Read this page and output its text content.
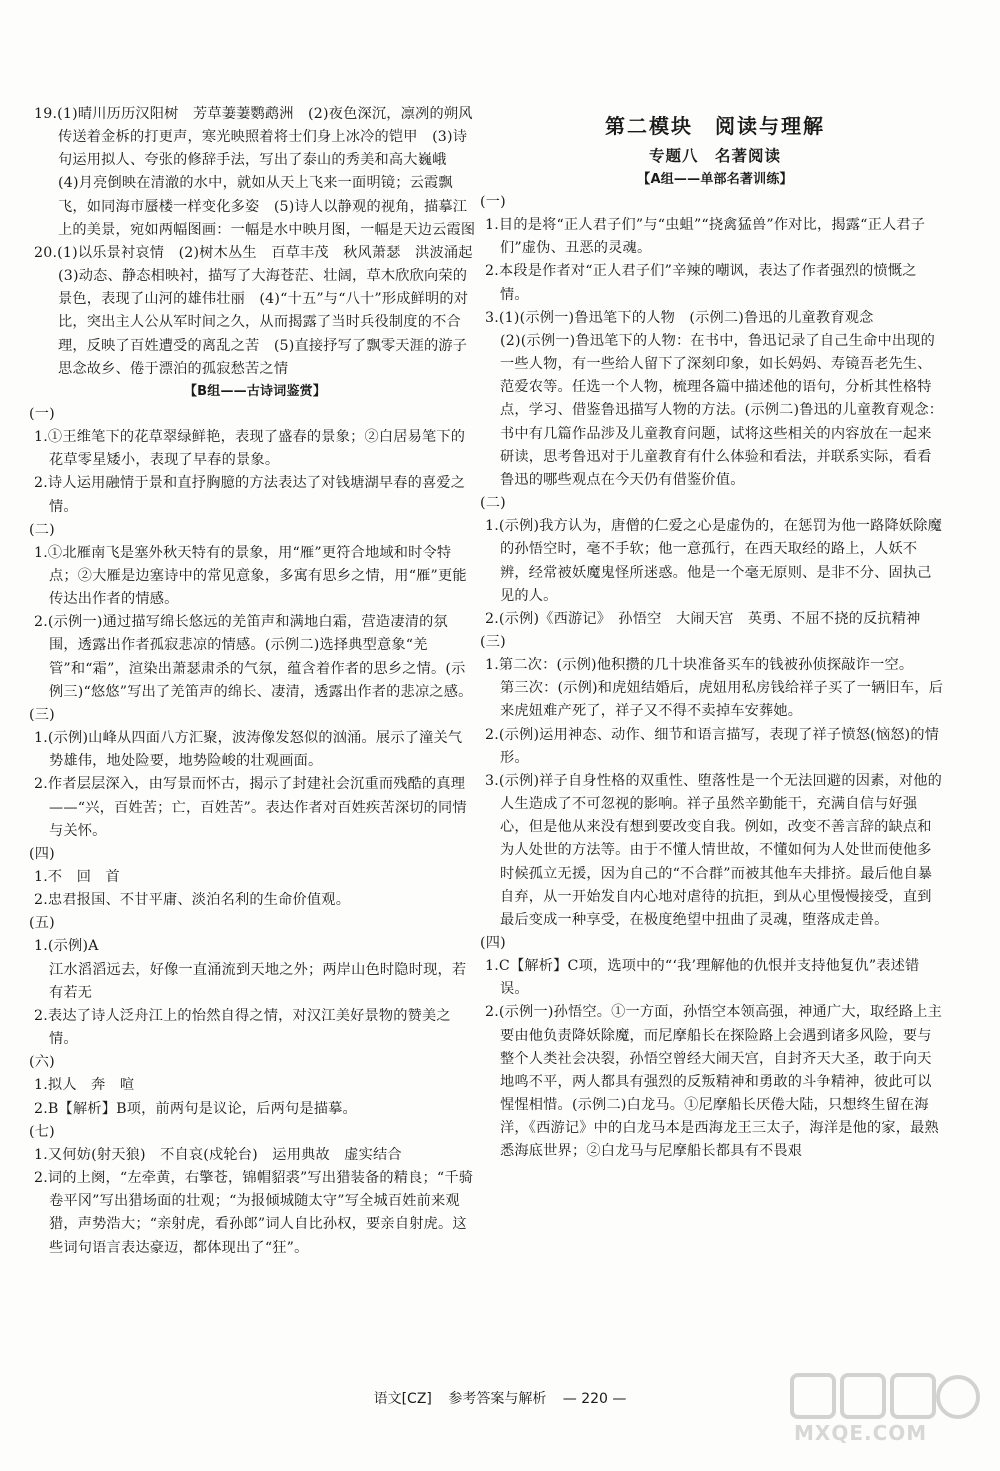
19.(1)晴川历历汉阳树　芳草萋萋鹦鹉洲　(2)夜色深沉，凛冽的朔风传送着金柝的打更声，寒光映照着将士们身上冰冷的铠甲　(3)诗句运用拟人、夸张的修辞手法，写出了泰山的秀美和高大巍峨　(4)月亮倒映在清澈的水中，就如从天上飞来一面明镜；云霞飘飞，如同海市蜃楼一样变化多姿　(5)诗人以静观的视角，描摹江上的美景，宛如两幅图画：一幅是水中映月图，一幅是天边云霞图
20.(1)以乐景衬哀情　(2)树木丛生　百草丰茂　秋风萧瑟　洪波涌起　(3)动态、静态相映衬，描写了大海苍茫、壮阔，草木欣欣向荣的景色，表现了山河的雄伟壮丽　(4)“十五”与“八十”形成鲜明的对比，突出主人公从军时间之久，从而揭露了当时兵役制度的不合理，反映了百姓遭受的离乱之苦　(5)直接抒写了飘零天涯的游子思念故乡、倦于漂泊的孤寂愁苦之情
【B组——古诗词鉴赏】
(一)
1.①王维笔下的花草翠绿鲜艳，表现了盛春的景象；②白居易笔下的花草零星矮小，表现了早春的景象。
2.诗人运用融情于景和直抒胸臆的方法表达了对钱塘湖早春的喜爱之情。
(二)
1.①北雁南飞是塞外秋天特有的景象，用“雁”更符合地域和时令特点；②大雁是边塞诗中的常见意象，多寓有思乡之情，用“雁”更能传达出作者的情感。
2.(示例一)通过描写绵长悠远的羌笛声和满地白霜，营造凄清的氛围，透露出作者孤寂悲凉的情感。(示例二)选择典型意象“羌管”和“霜”，渲染出萧瑟肃杀的气氛，蕴含着作者的思乡之情。(示例三)“悠悠”写出了羌笛声的绵长、凄清，透露出作者的悲凉之感。
(三)
1.(示例)山峰从四面八方汇聚，波涛像发怒似的汹涌。展示了潼关气势雄伟，地处险要，地势险峻的壮观画面。
2.作者层层深入，由写景而怀古，揭示了封建社会沉重而残酷的真理——“兴，百姓苦；亡，百姓苦”。表达作者对百姓疾苦深切的同情与关怀。
(四)
1.不　回　首
2.忠君报国、不甘平庸、淡泊名利的生命价值观。
(五)
1.(示例)A
江水滔滔远去，好像一直涌流到天地之外；两岸山色时隐时现，若有若无
2.表达了诗人泛舟江上的怡然自得之情，对汉江美好景物的赞美之情。
(六)
1.拟人　奔　喧
2.B【解析】B项，前两句是议论，后两句是描摹。
(七)
1.又何妨(射天狼)　不自哀(戍轮台)　运用典故　虚实结合
2.词的上阕，“左牵黄，右擎苍，锦帽貂裘”写出猎装备的精良；“千骑卷平冈”写出猎场面的壮观；“为报倾城随太守”写全城百姓前来观猎，声势浩大；“亲射虎，看孙郎”词人自比孙权，要亲自射虎。这些词句语言表达豪迈，都体现出了“狂”。
第二模块　阅读与理解
专题八　名著阅读
【A组——单部名著训练】
(一)
1.目的是将“正人君子们”与“虫蛆”“挠禽猛兽”作对比，揭露“正人君子们”虚伪、丑恶的灵魂。
2.本段是作者对“正人君子们”辛辣的嘲讽，表达了作者强烈的愤慨之情。
3.(1)(示例一)鲁迅笔下的人物　(示例二)鲁迅的儿童教育观念
(2)(示例一)鲁迅笔下的人物：在书中，鲁迅记录了自己生命中出现的一些人物，有一些给人留下了深刻印象，如长妈妈、寿镜吾老先生、范爱农等。任选一个人物，梳理各篇中描述他的语句，分析其性格特点，学习、借鉴鲁迅描写人物的方法。(示例二)鲁迅的儿童教育观念：书中有几篇作品涉及儿童教育问题，试将这些相关的内容放在一起来研读，思考鲁迅对于儿童教育有什么体验和看法，并联系实际，看看鲁迅的哪些观点在今天仍有借鉴价值。
(二)
1.(示例)我方认为，唐僧的仁爱之心是虚伪的，在惩罚为他一路降妖除魔的孙悟空时，毫不手软；他一意孤行，在西天取经的路上，人妖不辨，经常被妖魔鬼怪所迷惑。他是一个毫无原则、是非不分、固执己见的人。
2.(示例)《西游记》　孙悟空　大闹天宫　英勇、不屈不挠的反抗精神
(三)
1.第二次：(示例)他积攒的几十块准备买车的钱被孙侦探敲诈一空。
第三次：(示例)和虎妞结婚后，虎妞用私房钱给祥子买了一辆旧车，后来虎妞难产死了，祥子又不得不卖掉车安葬她。
2.(示例)运用神态、动作、细节和语言描写，表现了祥子愤怒(恼怒)的情形。
3.(示例)祥子自身性格的双重性、堕落性是一个无法回避的因素，对他的人生造成了不可忽视的影响。祥子虽然辛勤能干，充满自信与好强心，但是他从来没有想到要改变自我。例如，改变不善言辞的缺点和为人处世的方法等。由于不懂人情世故，不懂如何为人处世而使他多时候孤立无援，因为自己的“不合群”而被其他车夫排挤。最后他自暴自弃，从一开始发自内心地对虐待的抗拒，到从心里慢慢接受，直到最后变成一种享受，在极度绝望中扭曲了灵魂，堕落成走兽。
(四)
1.C【解析】C项，选项中的“‘我’理解他的仇恨并支持他复仇”表述错误。
2.(示例一)孙悟空。①一方面，孙悟空本领高强，神通广大，取经路上主要由他负责降妖除魔，而尼摩船长在探险路上会遇到诸多风险，要与整个人类社会决裂，孙悟空曾经大闹天宫，自封齐天大圣，敢于向天地鸣不平，两人都具有强烈的反叛精神和勇敢的斗争精神，彼此可以惺惺相惜。(示例二)白龙马。①尼摩船长厌倦大陆，只想终生留在海洋，《西游记》中的白龙马本是西海龙王三太子，海洋是他的家，最熟悉海底世界；②白龙马与尼摩船长都具有不畏艰
语文[CZ] 参考答案与解析 — 220 —
MXQE.COM
